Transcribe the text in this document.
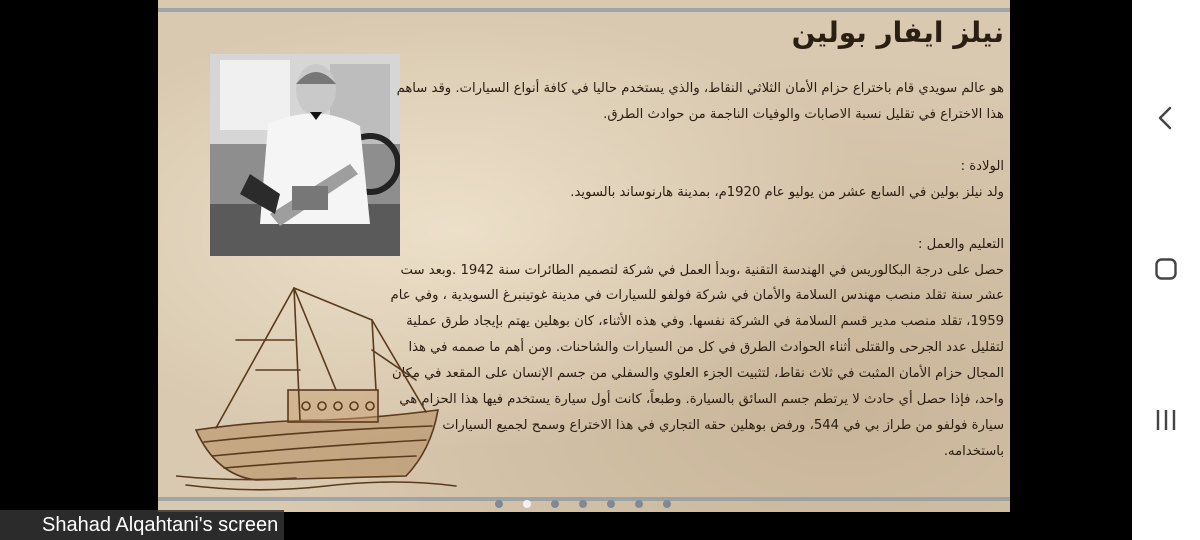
نيلز ايفار بولين

هو عالم سويدي قام باختراع حزام الأمان الثلاثي النقاط، والذي يستخدم حاليا في كافة أنواع السيارات. وقد ساهم هذا الاختراع في تقليل نسبة الاصابات والوفيات الناجمة من حوادث الطرق.

الولادة :

ولد نيلز بولين في السابع عشر من يوليو عام 1920م، بمدينة هارنوساند بالسويد.

التعليم والعمل :

حصل على درجة البكالوريس في الهندسة التقنية ،وبدأ العمل في شركة لتصميم الطائرات سنة 1942 .وبعد ست عشر سنة تقلد منصب مهندس السلامة والأمان في شركة فولفو للسيارات في مدينة غوتينبرغ السويدية ، وفي عام 1959، تقلد منصب مدير قسم السلامة في الشركة نفسها. وفي هذه الأثناء، كان بوهلين يهتم بإيجاد طرق عملية لتقليل عدد الجرحى والقتلى أثناء الحوادث الطرق في كل من السيارات والشاحنات. ومن أهم ما صممه في هذا المجال حزام الأمان المثبت في ثلاث نقاط، لتثبيت الجزء العلوي والسفلي من جسم الإنسان على المقعد في مكان واحد، فإذا حصل أي حادث لا يرتطم جسم السائق بالسيارة. وطبعاً، كانت أول سيارة يستخدم فيها هذا الحزام هي سيارة فولفو من طراز بي في 544، ورفض بوهلين حقه التجاري في هذا الاختراع وسمح لجميع السيارات باستخدامه.

Shahad Alqahtani's screen
